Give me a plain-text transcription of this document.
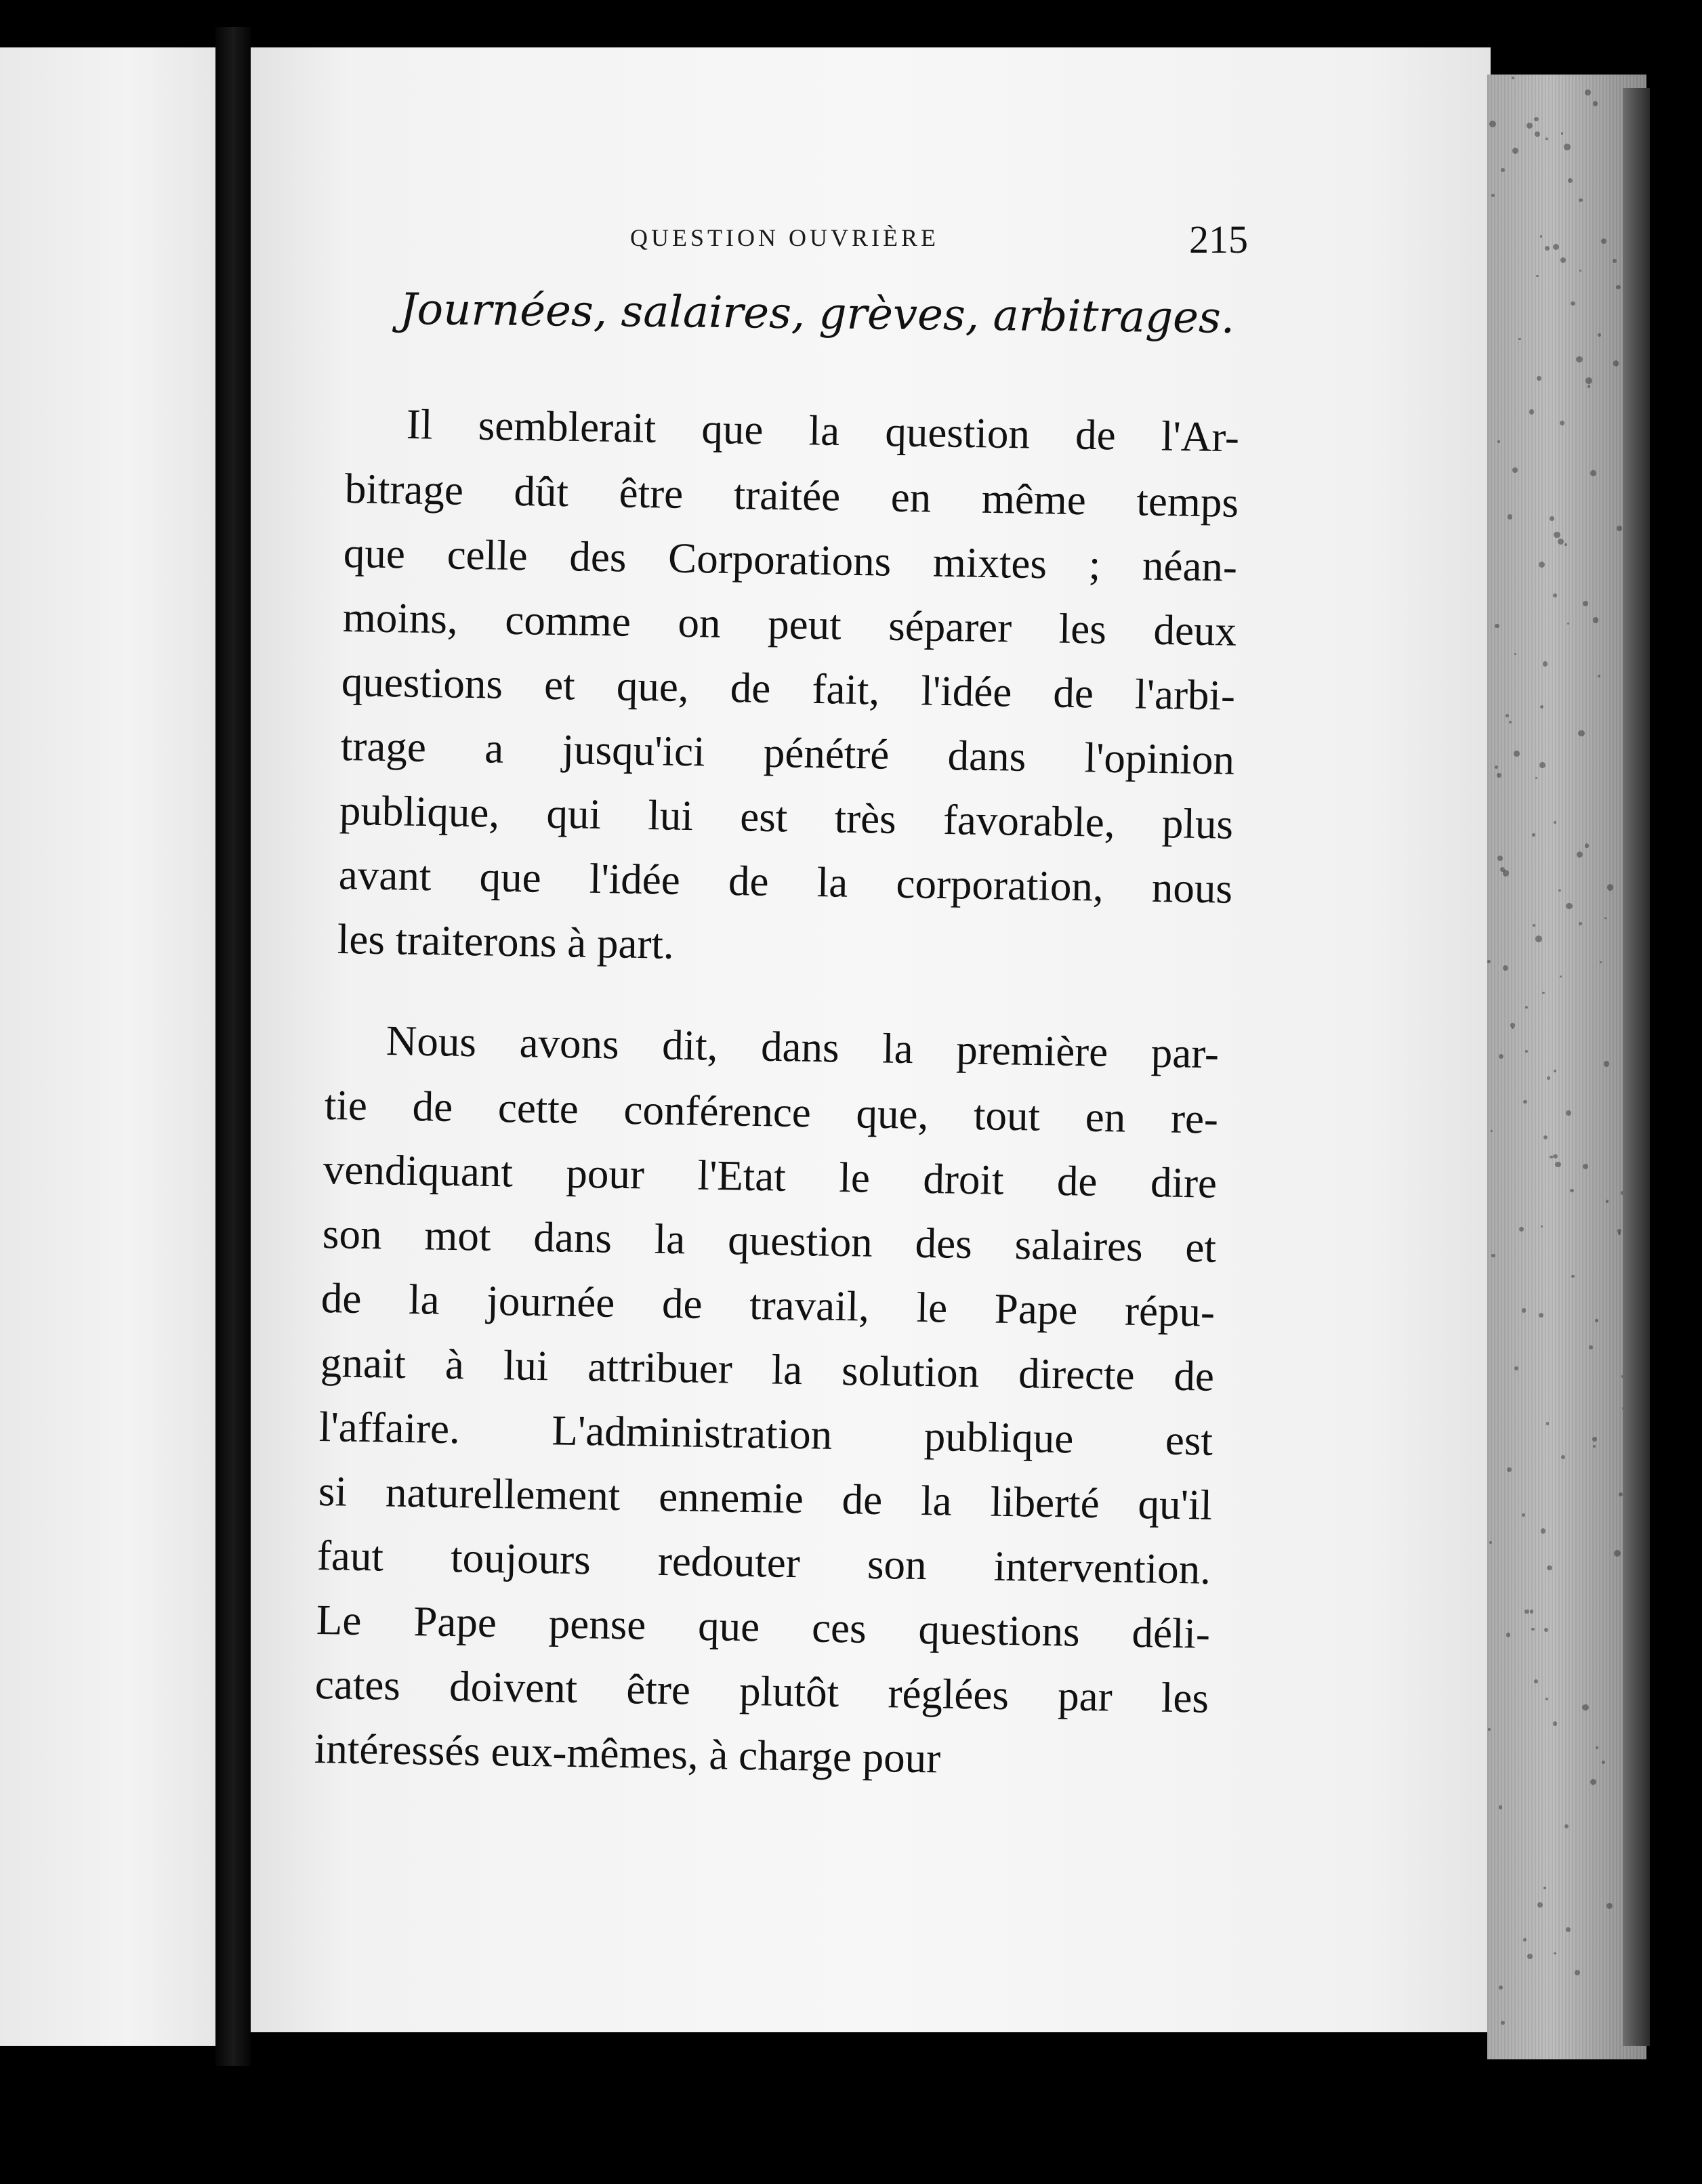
QUESTION OUVRIÈRE	215
Journées, salaires, grèves, arbitrages.
Il semblerait que la question de l'Ar-
bitrage dût être traitée en même temps
que celle des Corporations mixtes ; néan-
moins, comme on peut séparer les deux
questions et que, de fait, l'idée de l'arbi-
trage a jusqu'ici pénétré dans l'opinion
publique, qui lui est très favorable, plus
avant que l'idée de la corporation, nous
les traiterons à part.
Nous avons dit, dans la première par-
tie de cette conférence que, tout en re-
vendiquant pour l'Etat le droit de dire
son mot dans la question des salaires et
de la journée de travail, le Pape répu-
gnait à lui attribuer la solution directe de
l'affaire. L'administration publique est
si naturellement ennemie de la liberté qu'il
faut toujours redouter son intervention.
Le Pape pense que ces questions déli-
cates doivent être plutôt réglées par les
intéressés eux-mêmes, à charge pour
